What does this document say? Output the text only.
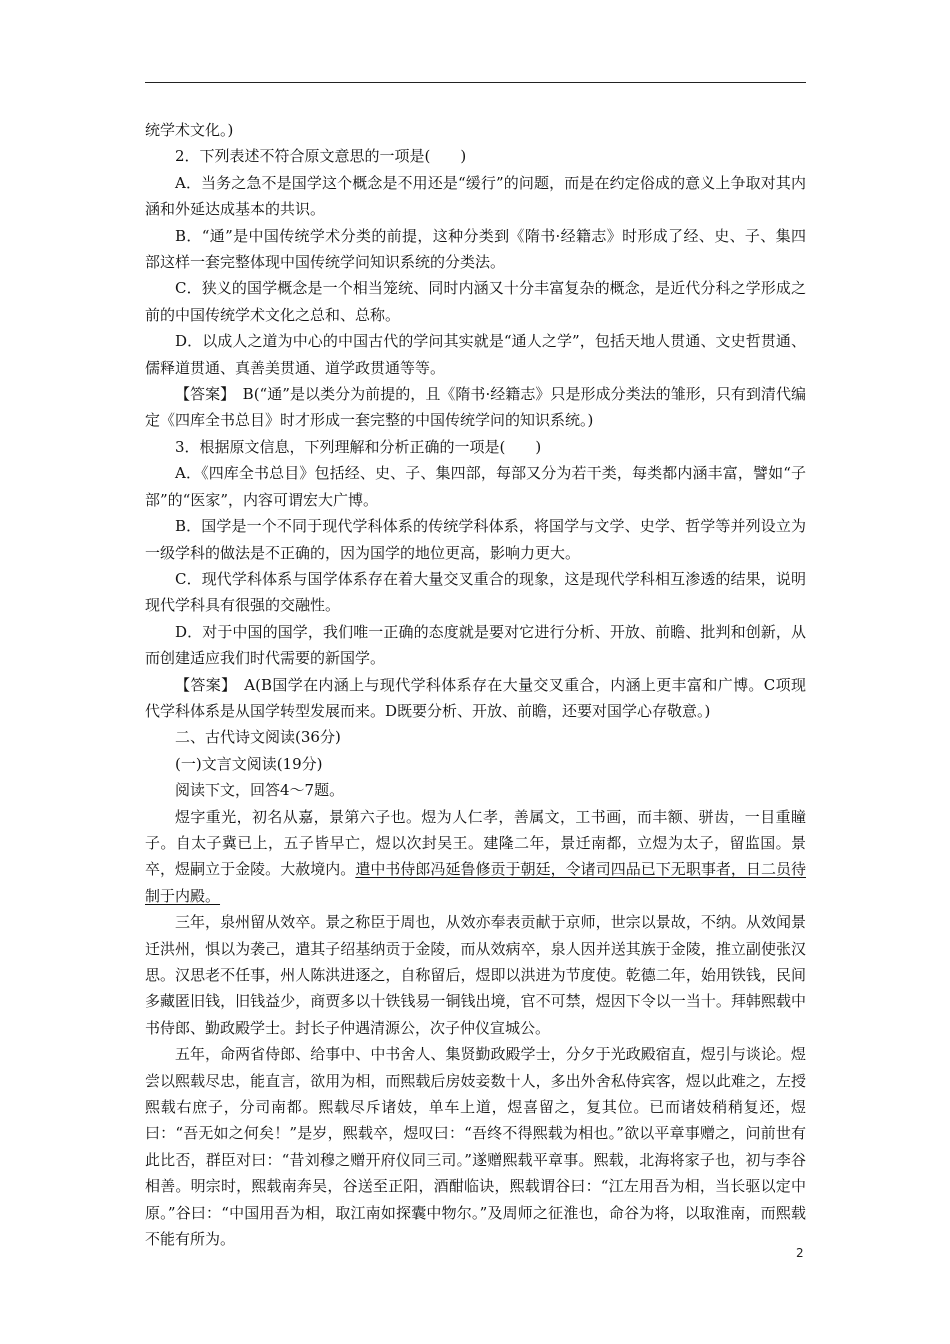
统学术文化。)

2．下列表述不符合原文意思的一项是(　　)

A．当务之急不是国学这个概念是不用还是“缓行”的问题，而是在约定俗成的意义上争取对其内涵和外延达成基本的共识。

B．“通”是中国传统学术分类的前提，这种分类到《隋书·经籍志》时形成了经、史、子、集四部这样一套完整体现中国传统学问知识系统的分类法。

C．狭义的国学概念是一个相当笼统、同时内涵又十分丰富复杂的概念，是近代分科之学形成之前的中国传统学术文化之总和、总称。

D．以成人之道为中心的中国古代的学问其实就是“通人之学”，包括天地人贯通、文史哲贯通、儒释道贯通、真善美贯通、道学政贯通等等。

【答案】　B(“通”是以类分为前提的，且《隋书·经籍志》只是形成分类法的雏形，只有到清代编定《四库全书总目》时才形成一套完整的中国传统学问的知识系统。)

3．根据原文信息，下列理解和分析正确的一项是(　　)

A．《四库全书总目》包括经、史、子、集四部，每部又分为若干类，每类都内涵丰富，譬如“子部”的“医家”，内容可谓宏大广博。

B．国学是一个不同于现代学科体系的传统学科体系，将国学与文学、史学、哲学等并列设立为一级学科的做法是不正确的，因为国学的地位更高，影响力更大。

C．现代学科体系与国学体系存在着大量交叉重合的现象，这是现代学科相互渗透的结果，说明现代学科具有很强的交融性。

D．对于中国的国学，我们唯一正确的态度就是要对它进行分析、开放、前瞻、批判和创新，从而创建适应我们时代需要的新国学。

【答案】　A(B国学在内涵上与现代学科体系存在大量交叉重合，内涵上更丰富和广博。C项现代学科体系是从国学转型发展而来。D既要分析、开放、前瞻，还要对国学心存敬意。)

二、古代诗文阅读(36分)

(一)文言文阅读(19分)

阅读下文，回答4～7题。

煜字重光，初名从嘉，景第六子也。煜为人仁孝，善属文，工书画，而丰额、骈齿，一目重瞳子。自太子冀已上，五子皆早亡，煜以次封吴王。建隆二年，景迁南都，立煜为太子，留监国。景卒，煜嗣立于金陵。大赦境内。遣中书侍郎冯延鲁修贡于朝廷，令诸司四品已下无职事者，日二员待制于内殿。

三年，泉州留从效卒。景之称臣于周也，从效亦奉表贡献于京师，世宗以景故，不纳。从效闻景迁洪州，惧以为袭己，遣其子绍基纳贡于金陵，而从效病卒，泉人因并送其族于金陵，推立副使张汉思。汉思老不任事，州人陈洪进逐之，自称留后，煜即以洪进为节度使。乾德二年，始用铁钱，民间多藏匿旧钱，旧钱益少，商贾多以十铁钱易一铜钱出境，官不可禁，煜因下令以一当十。拜韩熙载中书侍郎、勤政殿学士。封长子仲遇清源公，次子仲仪宣城公。

五年，命两省侍郎、给事中、中书舍人、集贤勤政殿学士，分夕于光政殿宿直，煜引与谈论。煜尝以熙载尽忠，能直言，欲用为相，而熙载后房妓妾数十人，多出外舍私侍宾客，煜以此难之，左授熙载右庶子，分司南都。熙载尽斥诸妓，单车上道，煜喜留之，复其位。已而诸妓稍稍复还，煜曰：“吾无如之何矣！”是岁，熙载卒，煜叹曰：“吾终不得熙载为相也。”欲以平章事赠之，问前世有此比否，群臣对曰：“昔刘穆之赠开府仪同三司。”遂赠熙载平章事。熙载，北海将家子也，初与李谷相善。明宗时，熙载南奔吴，谷送至正阳，酒酣临诀，熙载谓谷曰：“江左用吾为相，当长驱以定中原。”谷曰：“中国用吾为相，取江南如探囊中物尔。”及周师之征淮也，命谷为将，以取淮南，而熙载不能有所为。

2
